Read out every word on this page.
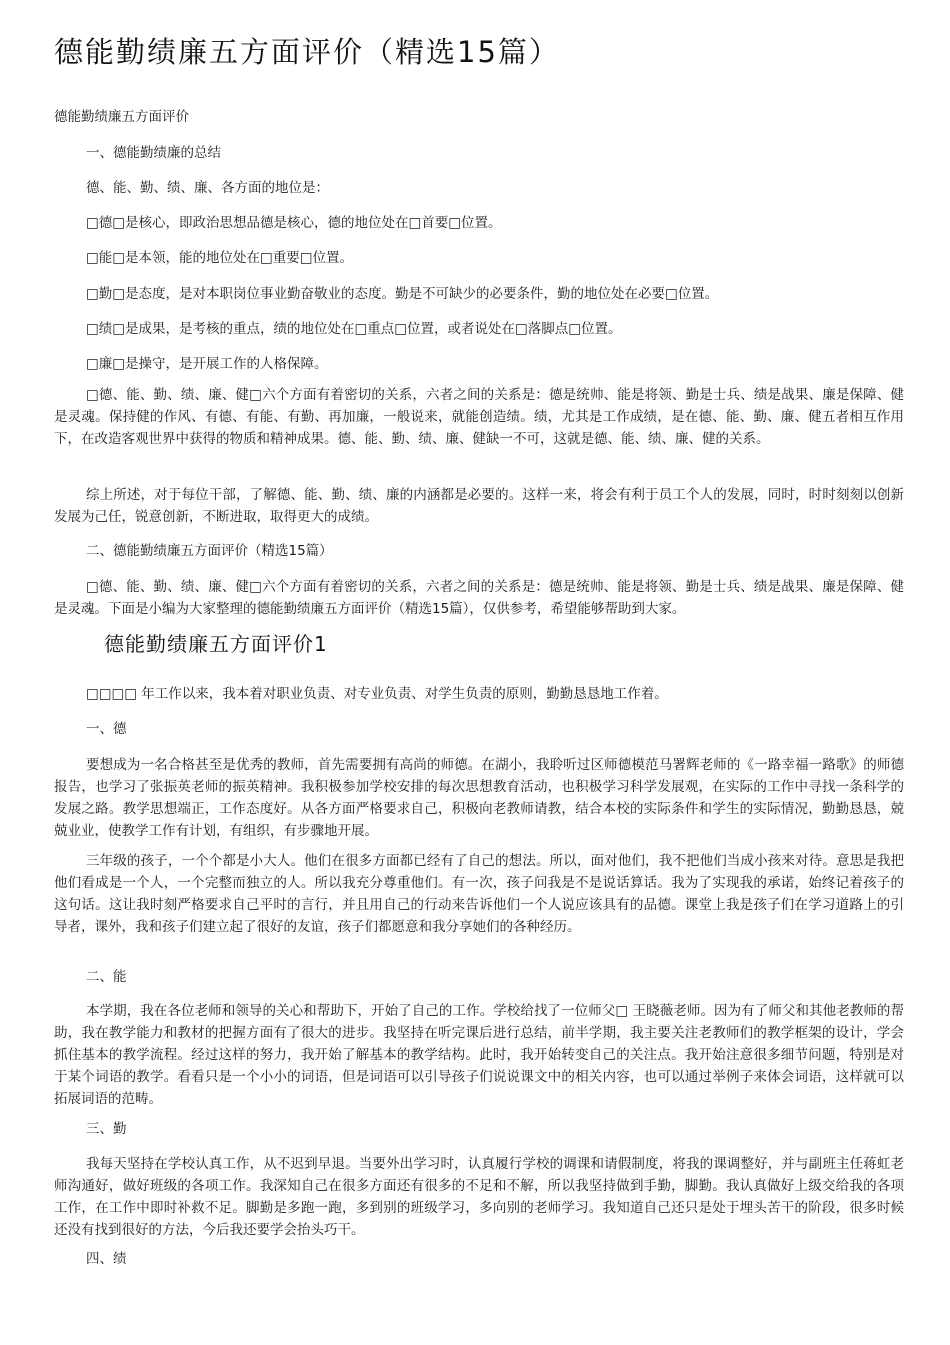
德能勤绩廉五方面评价（精选15篇）

德能勤绩廉五方面评价

一、德能勤绩廉的总结

德、能、勤、绩、廉、各方面的地位是：

□德□是核心，即政治思想品德是核心，德的地位处在□首要□位置。

□能□是本领，能的地位处在□重要□位置。

□勤□是态度，是对本职岗位事业勤奋敬业的态度。勤是不可缺少的必要条件，勤的地位处在必要□位置。

□绩□是成果，是考核的重点，绩的地位处在□重点□位置，或者说处在□落脚点□位置。

□廉□是操守，是开展工作的人格保障。

□德、能、勤、绩、廉、健□六个方面有着密切的关系，六者之间的关系是：德是统帅、能是将领、勤是士兵、绩是战果、廉是保障、健是灵魂。保持健的作风、有德、有能、有勤、再加廉，一般说来，就能创造绩。绩，尤其是工作成绩，是在德、能、勤、廉、健五者相互作用下，在改造客观世界中获得的物质和精神成果。德、能、勤、绩、廉、健缺一不可，这就是德、能、绩、廉、健的关系。

综上所述，对于每位干部，了解德、能、勤、绩、廉的内涵都是必要的。这样一来，将会有利于员工个人的发展，同时，时时刻刻以创新发展为己任，锐意创新，不断进取，取得更大的成绩。

二、德能勤绩廉五方面评价（精选15篇）

□德、能、勤、绩、廉、健□六个方面有着密切的关系，六者之间的关系是：德是统帅、能是将领、勤是士兵、绩是战果、廉是保障、健是灵魂。下面是小编为大家整理的德能勤绩廉五方面评价（精选15篇），仅供参考，希望能够帮助到大家。

德能勤绩廉五方面评价1

□□□□ 年工作以来，我本着对职业负责、对专业负责、对学生负责的原则，勤勤恳恳地工作着。

一、德

要想成为一名合格甚至是优秀的教师，首先需要拥有高尚的师德。在湖小，我聆听过区师德模范马署辉老师的《一路幸福一路歌》的师德报告，也学习了张振英老师的振英精神。我积极参加学校安排的每次思想教育活动，也积极学习科学发展观，在实际的工作中寻找一条科学的发展之路。教学思想端正，工作态度好。从各方面严格要求自己，积极向老教师请教，结合本校的实际条件和学生的实际情况，勤勤恳恳，兢兢业业，使教学工作有计划，有组织，有步骤地开展。

三年级的孩子，一个个都是小大人。他们在很多方面都已经有了自己的想法。所以，面对他们，我不把他们当成小孩来对待。意思是我把他们看成是一个人，一个完整而独立的人。所以我充分尊重他们。有一次，孩子问我是不是说话算话。我为了实现我的承诺，始终记着孩子的这句话。这让我时刻严格要求自己平时的言行，并且用自己的行动来告诉他们一个人说应该具有的品德。课堂上我是孩子们在学习道路上的引导者，课外，我和孩子们建立起了很好的友谊，孩子们都愿意和我分享她们的各种经历。

二、能

本学期，我在各位老师和领导的关心和帮助下，开始了自己的工作。学校给找了一位师父□ 王晓薇老师。因为有了师父和其他老教师的帮助，我在教学能力和教材的把握方面有了很大的进步。我坚持在听完课后进行总结，前半学期，我主要关注老教师们的教学框架的设计，学会抓住基本的教学流程。经过这样的努力，我开始了解基本的教学结构。此时，我开始转变自己的关注点。我开始注意很多细节问题，特别是对于某个词语的教学。看看只是一个小小的词语，但是词语可以引导孩子们说说课文中的相关内容，也可以通过举例子来体会词语，这样就可以拓展词语的范畴。

三、勤

我每天坚持在学校认真工作，从不迟到早退。当要外出学习时，认真履行学校的调课和请假制度，将我的课调整好，并与副班主任蒋虹老师沟通好，做好班级的各项工作。我深知自己在很多方面还有很多的不足和不解，所以我坚持做到手勤，脚勤。我认真做好上级交给我的各项工作，在工作中即时补救不足。脚勤是多跑一跑，多到别的班级学习，多向别的老师学习。我知道自己还只是处于埋头苦干的阶段，很多时候还没有找到很好的方法，今后我还要学会抬头巧干。

四、绩
